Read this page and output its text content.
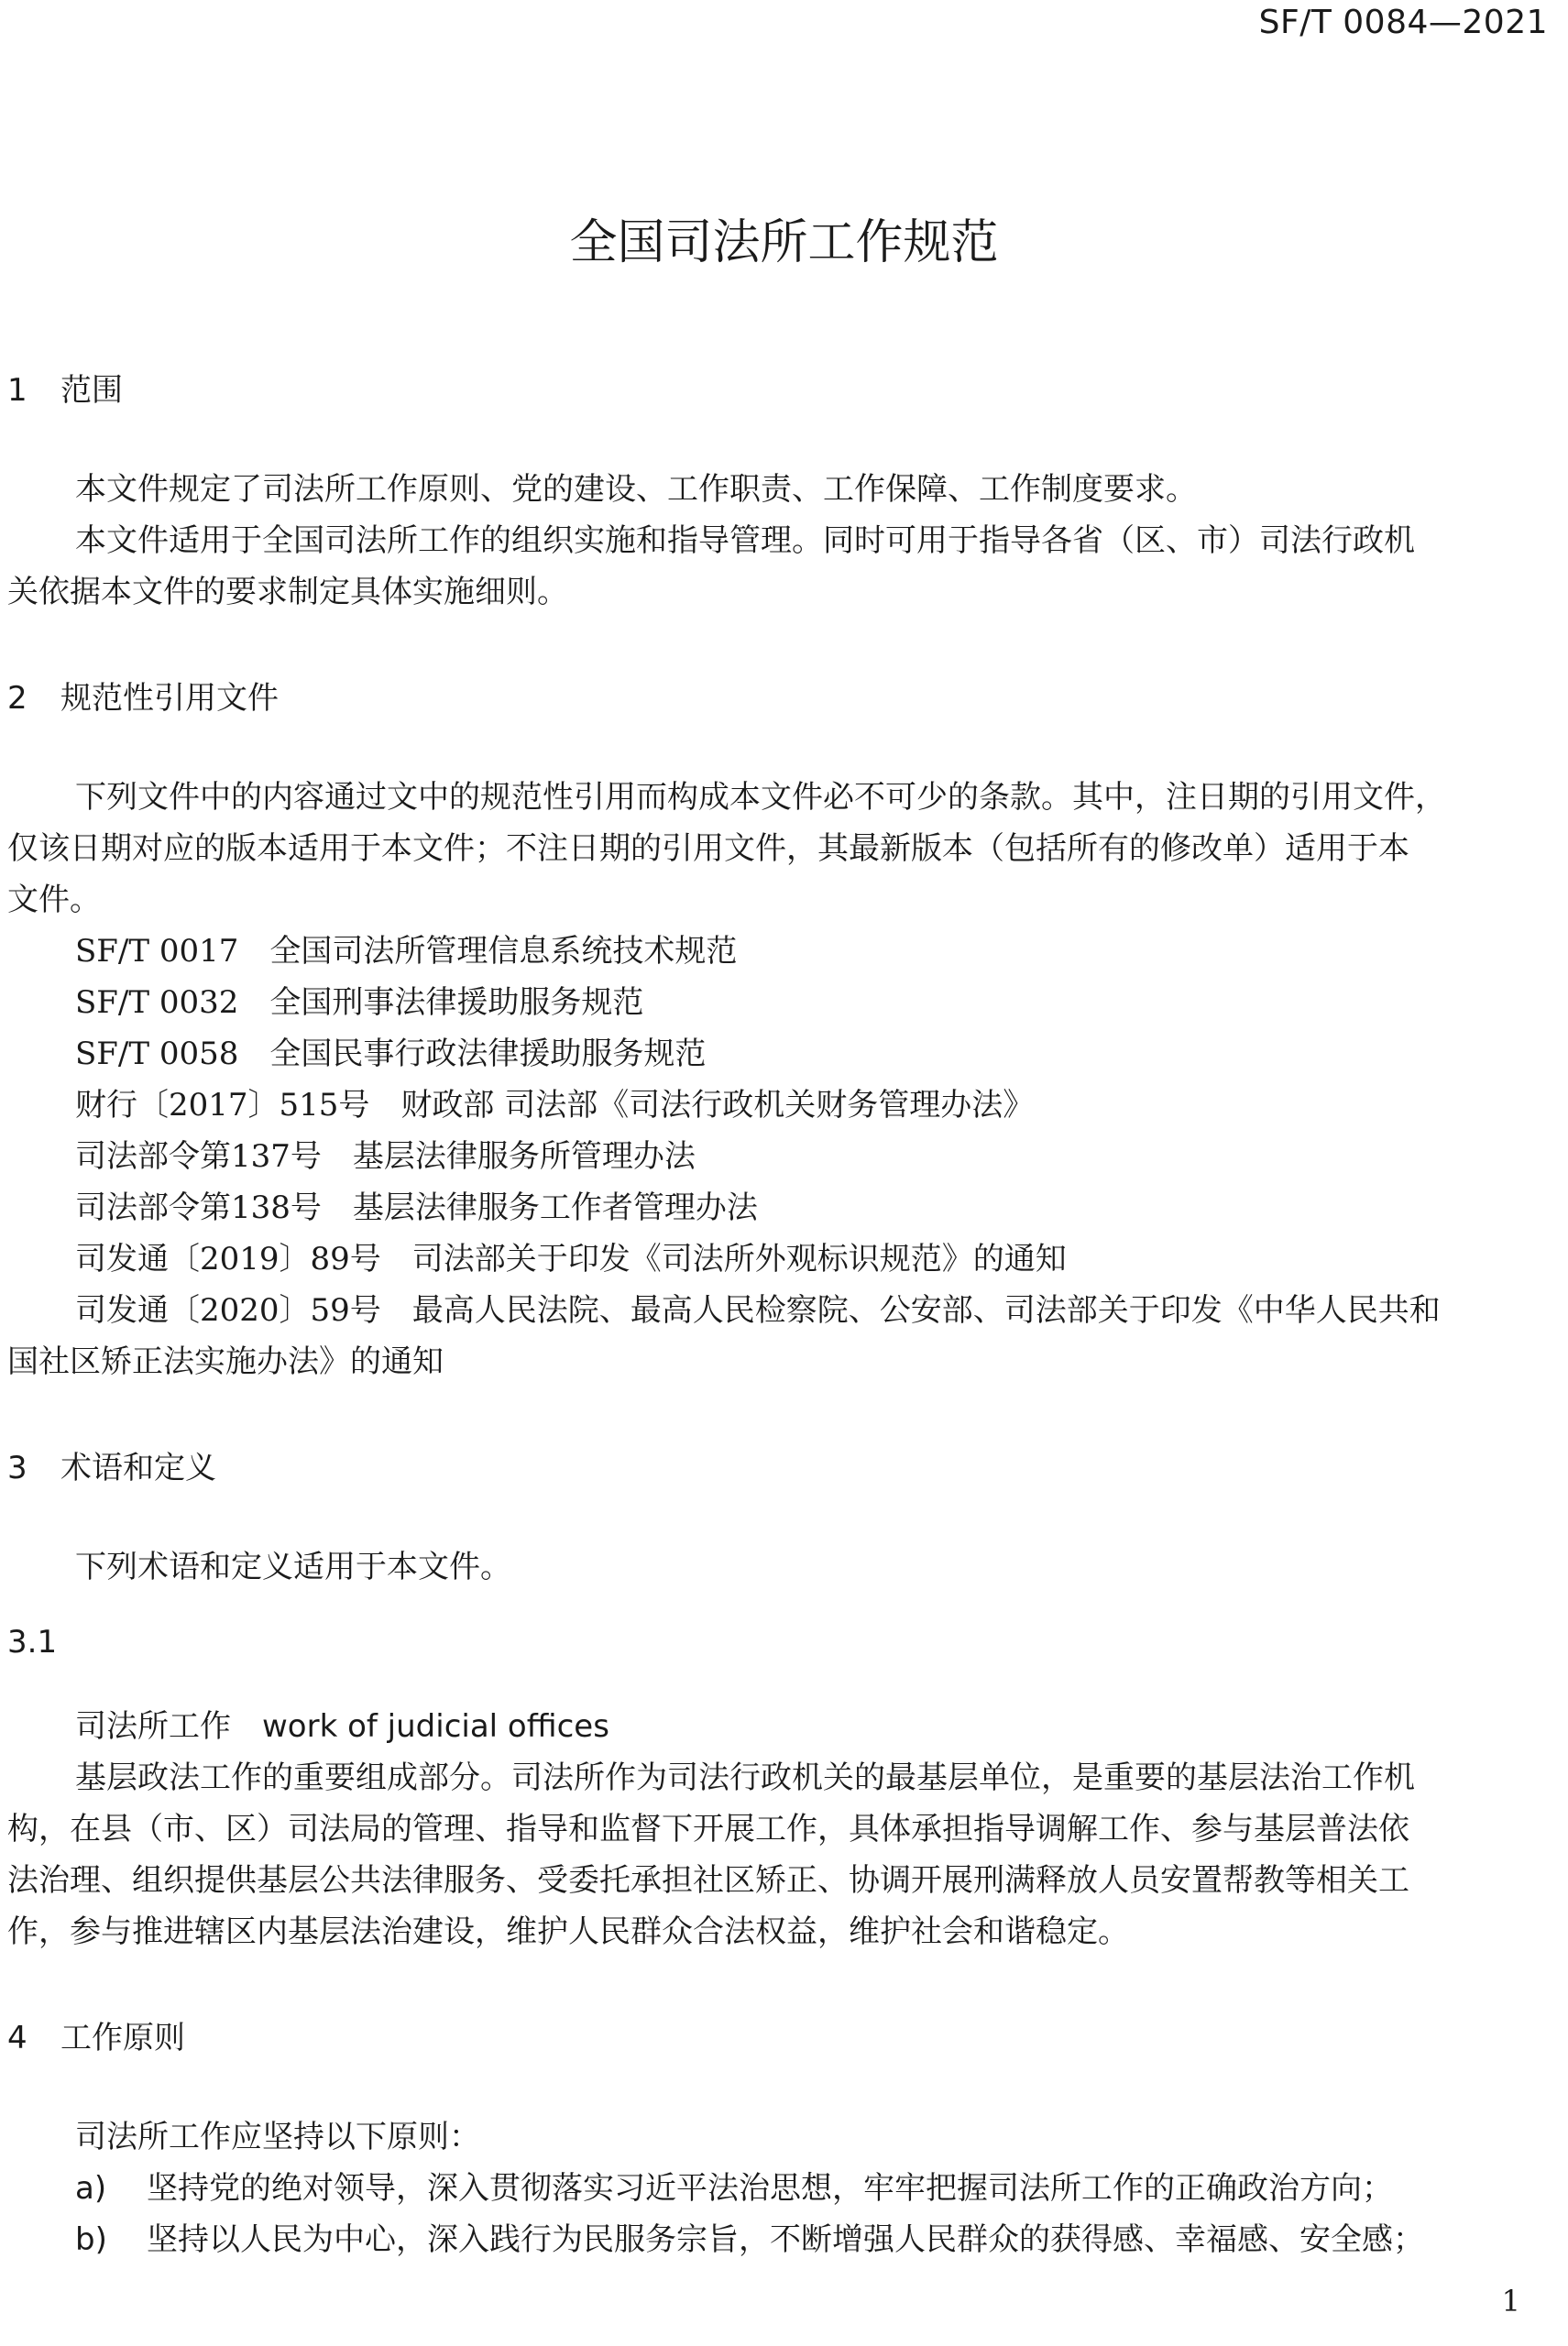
SF/T 0084—2021
全国司法所工作规范
1 范围
本文件规定了司法所工作原则、党的建设、工作职责、工作保障、工作制度要求。
本文件适用于全国司法所工作的组织实施和指导管理。同时可用于指导各省（区、市）司法行政机
关依据本文件的要求制定具体实施细则。
2 规范性引用文件
下列文件中的内容通过文中的规范性引用而构成本文件必不可少的条款。其中，注日期的引用文件，
仅该日期对应的版本适用于本文件；不注日期的引用文件，其最新版本（包括所有的修改单）适用于本
文件。
SF/T 0017 全国司法所管理信息系统技术规范
SF/T 0032 全国刑事法律援助服务规范
SF/T 0058 全国民事行政法律援助服务规范
财行〔2017〕515号 财政部 司法部《司法行政机关财务管理办法》
司法部令第137号 基层法律服务所管理办法
司法部令第138号 基层法律服务工作者管理办法
司发通〔2019〕89号 司法部关于印发《司法所外观标识规范》的通知
司发通〔2020〕59号 最高人民法院、最高人民检察院、公安部、司法部关于印发《中华人民共和
国社区矫正法实施办法》的通知
3 术语和定义
下列术语和定义适用于本文件。
3.1
司法所工作 work of judicial offices
基层政法工作的重要组成部分。司法所作为司法行政机关的最基层单位，是重要的基层法治工作机
构，在县（市、区）司法局的管理、指导和监督下开展工作，具体承担指导调解工作、参与基层普法依
法治理、组织提供基层公共法律服务、受委托承担社区矫正、协调开展刑满释放人员安置帮教等相关工
作，参与推进辖区内基层法治建设，维护人民群众合法权益，维护社会和谐稳定。
4 工作原则
司法所工作应坚持以下原则：
a) 坚持党的绝对领导，深入贯彻落实习近平法治思想，牢牢把握司法所工作的正确政治方向；
b) 坚持以人民为中心，深入践行为民服务宗旨，不断增强人民群众的获得感、幸福感、安全感；
1
